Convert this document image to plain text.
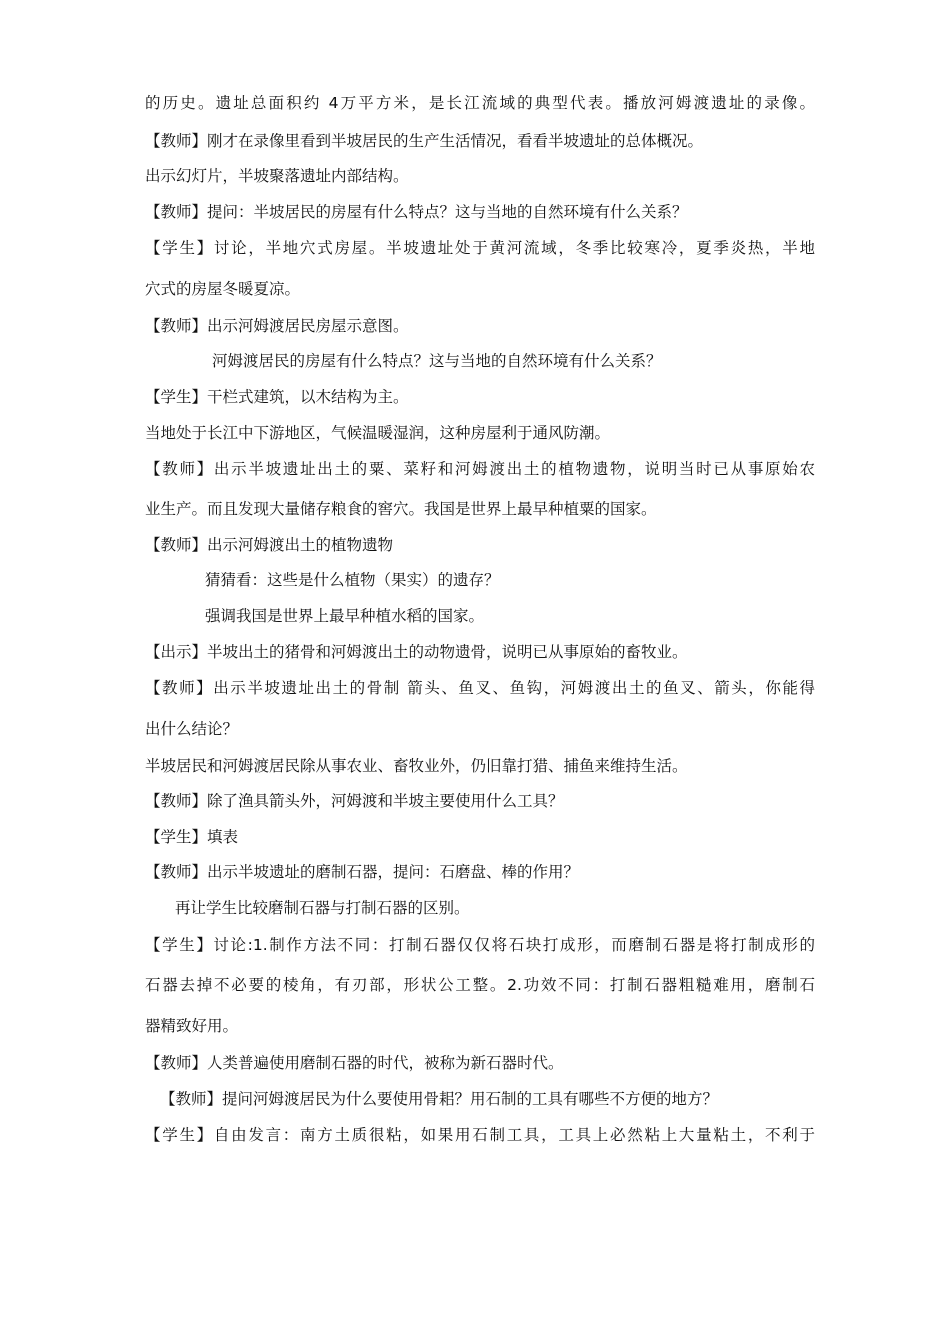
的历史。遗址总面积约 4万平方米，是长江流域的典型代表。播放河姆渡遗址的录像。
【教师】刚才在录像里看到半坡居民的生产生活情况，看看半坡遗址的总体概况。
出示幻灯片，半坡聚落遗址内部结构。
【教师】提问：半坡居民的房屋有什么特点？这与当地的自然环境有什么关系？
【学生】讨论，半地穴式房屋。半坡遗址处于黄河流域，冬季比较寒冷，夏季炎热，半地
穴式的房屋冬暖夏凉。
【教师】出示河姆渡居民房屋示意图。
河姆渡居民的房屋有什么特点？这与当地的自然环境有什么关系？
【学生】干栏式建筑，以木结构为主。
当地处于长江中下游地区，气候温暖湿润，这种房屋利于通风防潮。
【教师】出示半坡遗址出土的粟、菜籽和河姆渡出土的植物遗物，说明当时已从事原始农
业生产。而且发现大量储存粮食的窖穴。我国是世界上最早种植粟的国家。
【教师】出示河姆渡出土的植物遗物
猜猜看：这些是什么植物（果实）的遗存？
强调我国是世界上最早种植水稻的国家。
【出示】半坡出土的猪骨和河姆渡出土的动物遗骨，说明已从事原始的畜牧业。
【教师】出示半坡遗址出土的骨制 箭头、鱼叉、鱼钩，河姆渡出土的鱼叉、箭头，你能得
出什么结论？
半坡居民和河姆渡居民除从事农业、畜牧业外，仍旧靠打猎、捕鱼来维持生活。
【教师】除了渔具箭头外，河姆渡和半坡主要使用什么工具？
【学生】填表
【教师】出示半坡遗址的磨制石器，提问：石磨盘、棒的作用？
再让学生比较磨制石器与打制石器的区别。
【学生】讨论:1.制作方法不同：打制石器仅仅将石块打成形，而磨制石器是将打制成形的
石器去掉不必要的棱角，有刃部，形状公工整。2.功效不同：打制石器粗糙难用，磨制石
器精致好用。
【教师】人类普遍使用磨制石器的时代，被称为新石器时代。
【教师】提问河姆渡居民为什么要使用骨耜？用石制的工具有哪些不方便的地方？
【学生】自由发言：南方土质很粘，如果用石制工具，工具上必然粘上大量粘土，不利于
